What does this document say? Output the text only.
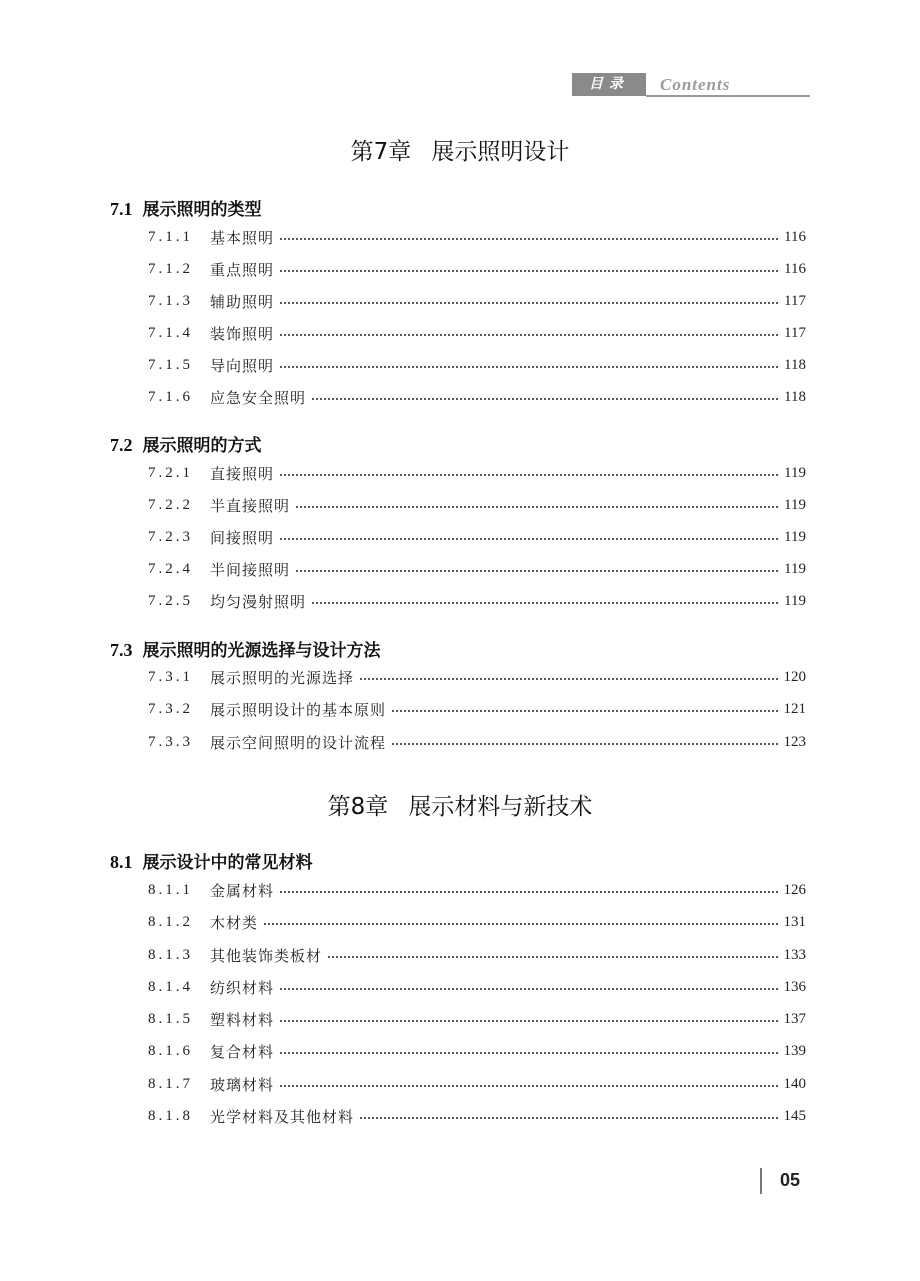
目录	Contents
第7章 展示照明设计
7.1 展示照明的类型
7.1.1	基本照明	116
7.1.2	重点照明	116
7.1.3	辅助照明	117
7.1.4	装饰照明	117
7.1.5	导向照明	118
7.1.6	应急安全照明	118
7.2 展示照明的方式
7.2.1	直接照明	119
7.2.2	半直接照明	119
7.2.3	间接照明	119
7.2.4	半间接照明	119
7.2.5	均匀漫射照明	119
7.3 展示照明的光源选择与设计方法
7.3.1	展示照明的光源选择	120
7.3.2	展示照明设计的基本原则	121
7.3.3	展示空间照明的设计流程	123
第8章 展示材料与新技术
8.1 展示设计中的常见材料
8.1.1	金属材料	126
8.1.2	木材类	131
8.1.3	其他装饰类板材	133
8.1.4	纺织材料	136
8.1.5	塑料材料	137
8.1.6	复合材料	139
8.1.7	玻璃材料	140
8.1.8	光学材料及其他材料	145
05
